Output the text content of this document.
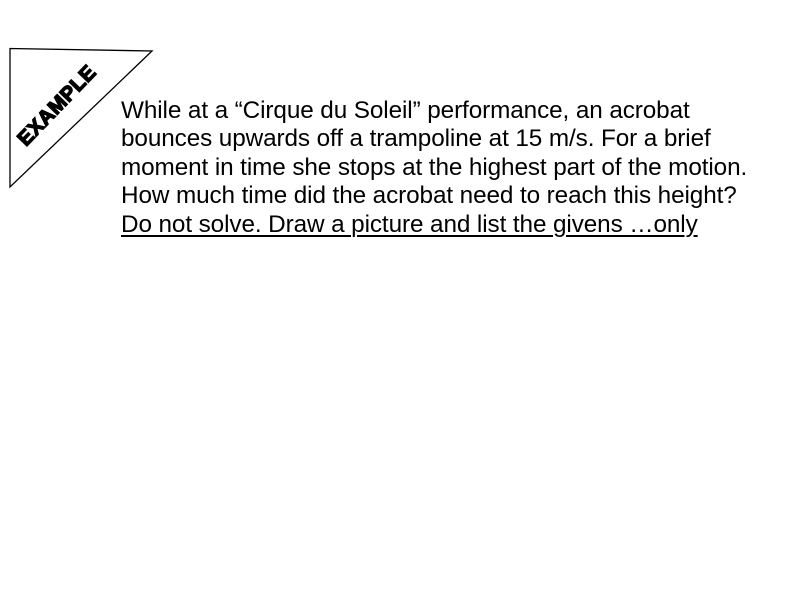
EXAMPLE While at a “Cirque du Soleil” performance, an acrobat
bounces upwards off a trampoline at 15 m/s. For a brief
moment in time she stops at the highest part of the motion.
How much time did the acrobat need to reach this height?
Do not solve. Draw a picture and list the givens …only
